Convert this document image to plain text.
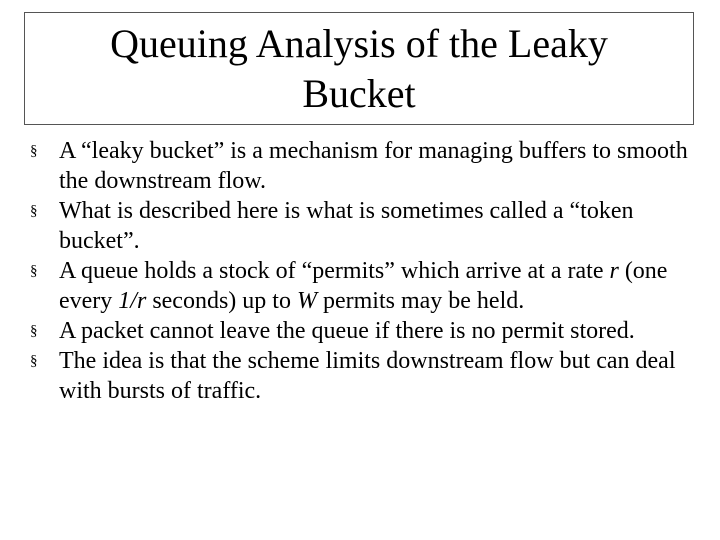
Queuing Analysis of the Leaky Bucket
§ A “leaky bucket” is a mechanism for managing buffers to smooth the downstream flow.
§ What is described here is what is sometimes called a “token bucket”.
§ A queue holds a stock of “permits” which arrive at a rate r (one every 1/r seconds) up to W permits may be held.
§ A packet cannot leave the queue if there is no permit stored.
§ The idea is that the scheme limits downstream flow but can deal with bursts of traffic.
